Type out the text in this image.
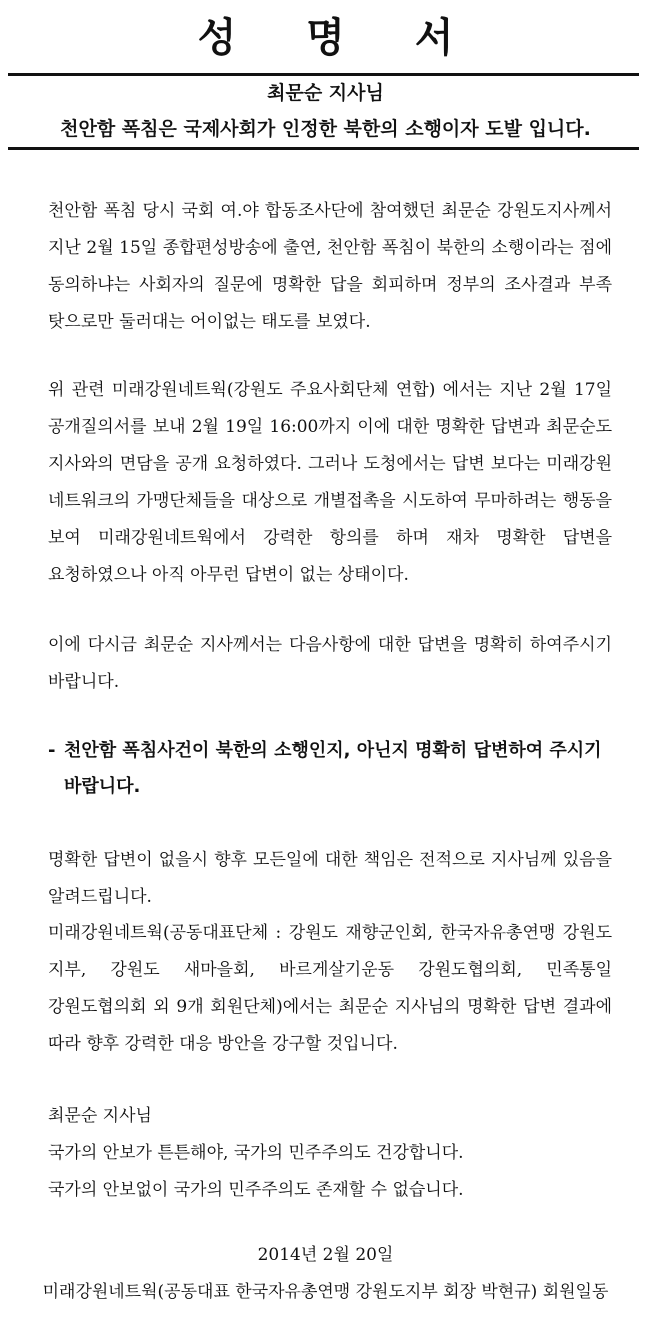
성 명 서
최문순 지사님
천안함 폭침은 국제사회가 인정한 북한의 소행이자 도발 입니다.
천안함 폭침 당시 국회 여.야 합동조사단에 참여했던 최문순 강원도지사께서 지난 2월 15일 종합편성방송에 출연, 천안함 폭침이 북한의 소행이라는 점에 동의하냐는 사회자의 질문에 명확한 답을 회피하며 정부의 조사결과 부족 탓으로만 둘러대는 어이없는 태도를 보였다.
위 관련 미래강원네트웍(강원도 주요사회단체 연합) 에서는 지난 2월 17일 공개질의서를 보내 2월 19일 16:00까지 이에 대한 명확한 답변과 최문순도 지사와의 면담을 공개 요청하였다. 그러나 도청에서는 답변 보다는 미래강원 네트워크의 가맹단체들을 대상으로 개별접촉을 시도하여 무마하려는 행동을 보여 미래강원네트웍에서 강력한 항의를 하며 재차 명확한 답변을 요청하였으나 아직 아무런 답변이 없는 상태이다.
이에 다시금 최문순 지사께서는 다음사항에 대한 답변을 명확히 하여주시기 바랍니다.
- 천안함 폭침사건이 북한의 소행인지, 아닌지 명확히 답변하여 주시기 바랍니다.
명확한 답변이 없을시 향후 모든일에 대한 책임은 전적으로 지사님께 있음을 알려드립니다.
미래강원네트웍(공동대표단체 : 강원도 재향군인회, 한국자유총연맹 강원도 지부, 강원도 새마을회, 바르게살기운동 강원도협의회, 민족통일 강원도협의회 외 9개 회원단체)에서는 최문순 지사님의 명확한 답변 결과에 따라 향후 강력한 대응 방안을 강구할 것입니다.
최문순 지사님
국가의 안보가 튼튼해야, 국가의 민주주의도 건강합니다.
국가의 안보없이 국가의 민주주의도 존재할 수 없습니다.
2014년 2월 20일
미래강원네트웍(공동대표 한국자유총연맹 강원도지부 회장 박현규) 회원일동
